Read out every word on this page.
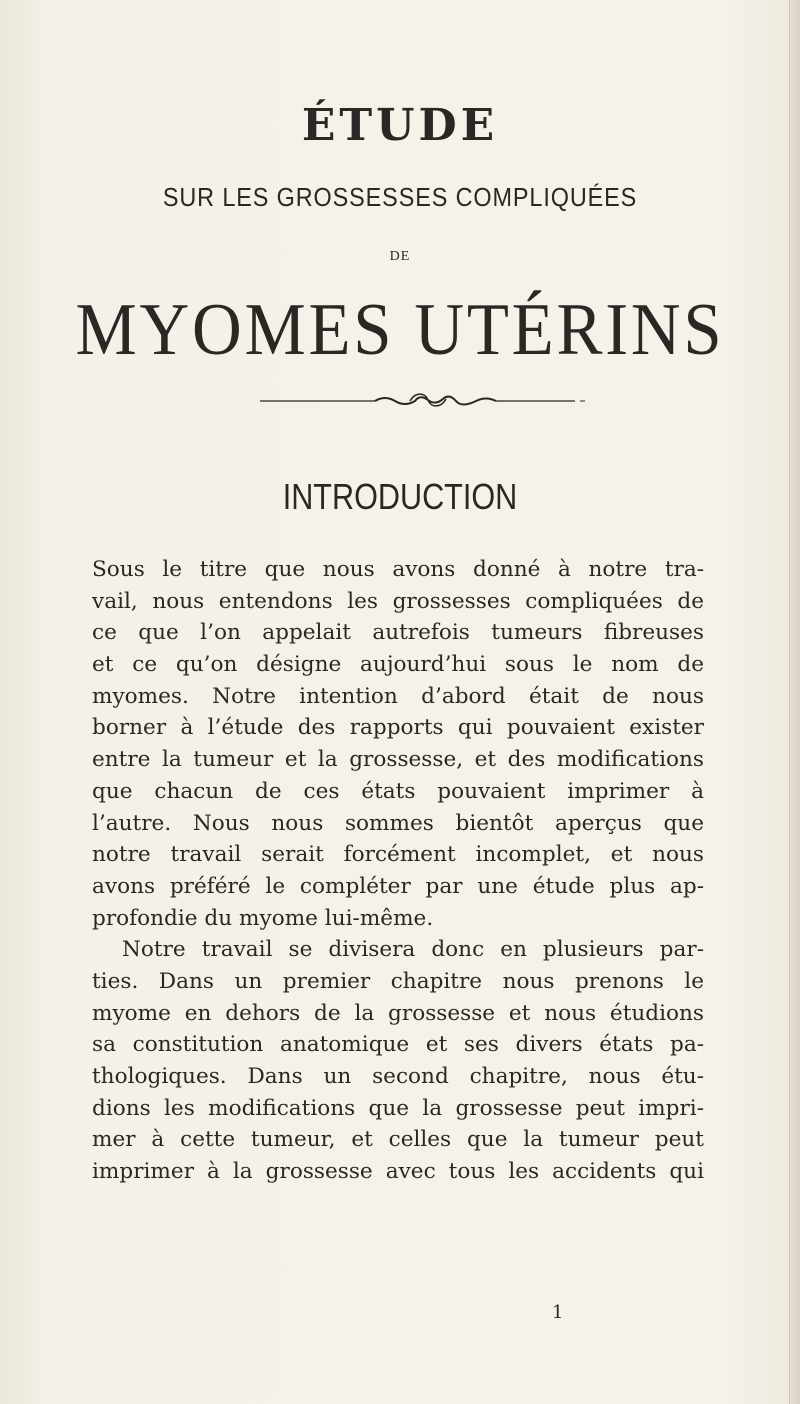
ÉTUDE
SUR LES GROSSESSES COMPLIQUÉES
DE
MYOMES UTÉRINS
INTRODUCTION
Sous le titre que nous avons donné à notre tra-
vail, nous entendons les grossesses compliquées de
ce que l’on appelait autrefois tumeurs fibreuses
et ce qu’on désigne aujourd’hui sous le nom de
myomes. Notre intention d’abord était de nous
borner à l’étude des rapports qui pouvaient exister
entre la tumeur et la grossesse, et des modifications
que chacun de ces états pouvaient imprimer à
l’autre. Nous nous sommes bientôt aperçus que
notre travail serait forcément incomplet, et nous
avons préféré le compléter par une étude plus ap-
profondie du myome lui-même.
Notre travail se divisera donc en plusieurs par-
ties. Dans un premier chapitre nous prenons le
myome en dehors de la grossesse et nous étudions
sa constitution anatomique et ses divers états pa-
thologiques. Dans un second chapitre, nous étu-
dions les modifications que la grossesse peut impri-
mer à cette tumeur, et celles que la tumeur peut
imprimer à la grossesse avec tous les accidents qui
1
